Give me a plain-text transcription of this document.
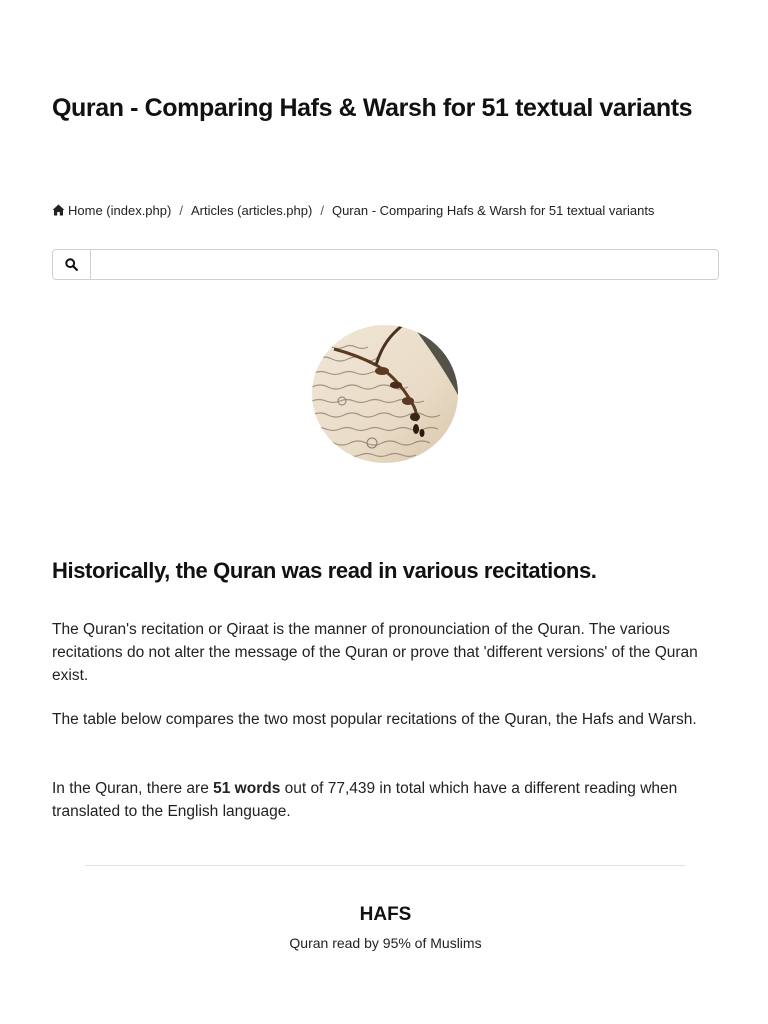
Quran - Comparing Hafs & Warsh for 51 textual variants
Home (index.php) / Articles (articles.php) / Quran - Comparing Hafs & Warsh for 51 textual variants
Historically, the Quran was read in various recitations.

The Quran's recitation or Qiraat is the manner of pronounciation of the Quran. The various recitations do not alter the message of the Quran or prove that 'different versions' of the Quran exist.

The table below compares the two most popular recitations of the Quran, the Hafs and Warsh.

In the Quran, there are 51 words out of 77,439 in total which have a different reading when translated to the English language.

HAFS

Quran read by 95% of Muslims
